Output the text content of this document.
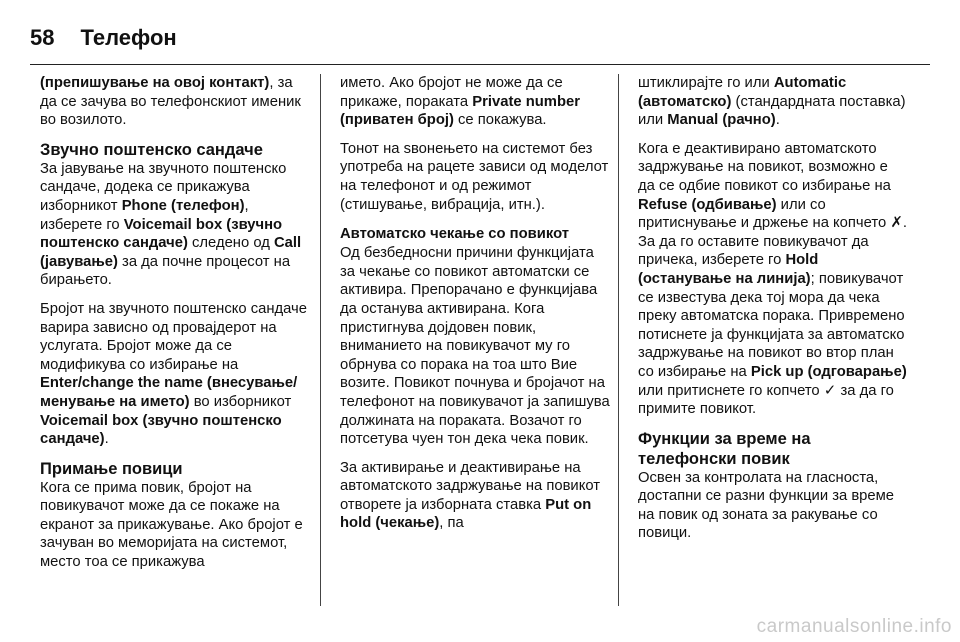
58 Телефон

(препишување на овој контакт), за да се зачува во телефонскиот именик во возилото.

Звучно поштенско сандаче

За јавување на звучното поштенско сандаче, додека се прикажува изборникот Phone (телефон), изберете го Voicemail box (звучно поштенско сандаче) следено од Call (јавување) за да почне процесот на бирањето.

Бројот на звучното поштенско сандаче варира зависно од провајдерот на услугата. Бројот може да се модификува со избирање на Enter/change the name (внесување/менување на името) во изборникот Voicemail box (звучно поштенско сандаче).

Примање повици

Кога се прима повик, бројот на повикувачот може да се покаже на екранот за прикажување. Ако бројот е зачуван во меморијата на системот, место тоа се прикажува

името. Ако бројот не може да се прикаже, пораката Private number (приватен број) се покажува.

Тонот на ѕвонењето на системот без употреба на рацете зависи од моделот на телефонот и од режимот (стишување, вибрација, итн.).

Автоматско чекање со повикот

Од безбедносни причини функцијата за чекање со повикот автоматски се активира. Препорачано е функцијава да останува активирана. Кога пристигнува дојдовен повик, вниманието на повикувачот му го обрнува со порака на тоа што Вие возите. Повикот почнува и бројачот на телефонот на повикувачот ја запишува должината на пораката. Возачот го потсетува чуен тон дека чека повик.

За активирање и деактивирање на автоматското задржување на повикот отворете ја изборната ставка Put on hold (чекање), па

штиклирајте го или Automatic (автоматско) (стандардната поставка) или Manual (рачно).

Кога е деактивирано автоматското задржување на повикот, возможно е да се одбие повикот со избирање на Refuse (одбивање) или со притиснување и држење на копчето ✗. За да го оставите повикувачот да причека, изберете го Hold (останување на линија); повикувачот се известува дека тој мора да чека преку автоматска порака. Привремено потиснете ја функцијата за автоматско задржување на повикот во втор план со избирање на Pick up (одговарање) или притиснете го копчето ✓ за да го примите повикот.

Функции за време на телефонски повик

Освен за контролата на гласноста, достапни се разни функции за време на повик од зоната за ракување со повици.

carmanualsonline.info
